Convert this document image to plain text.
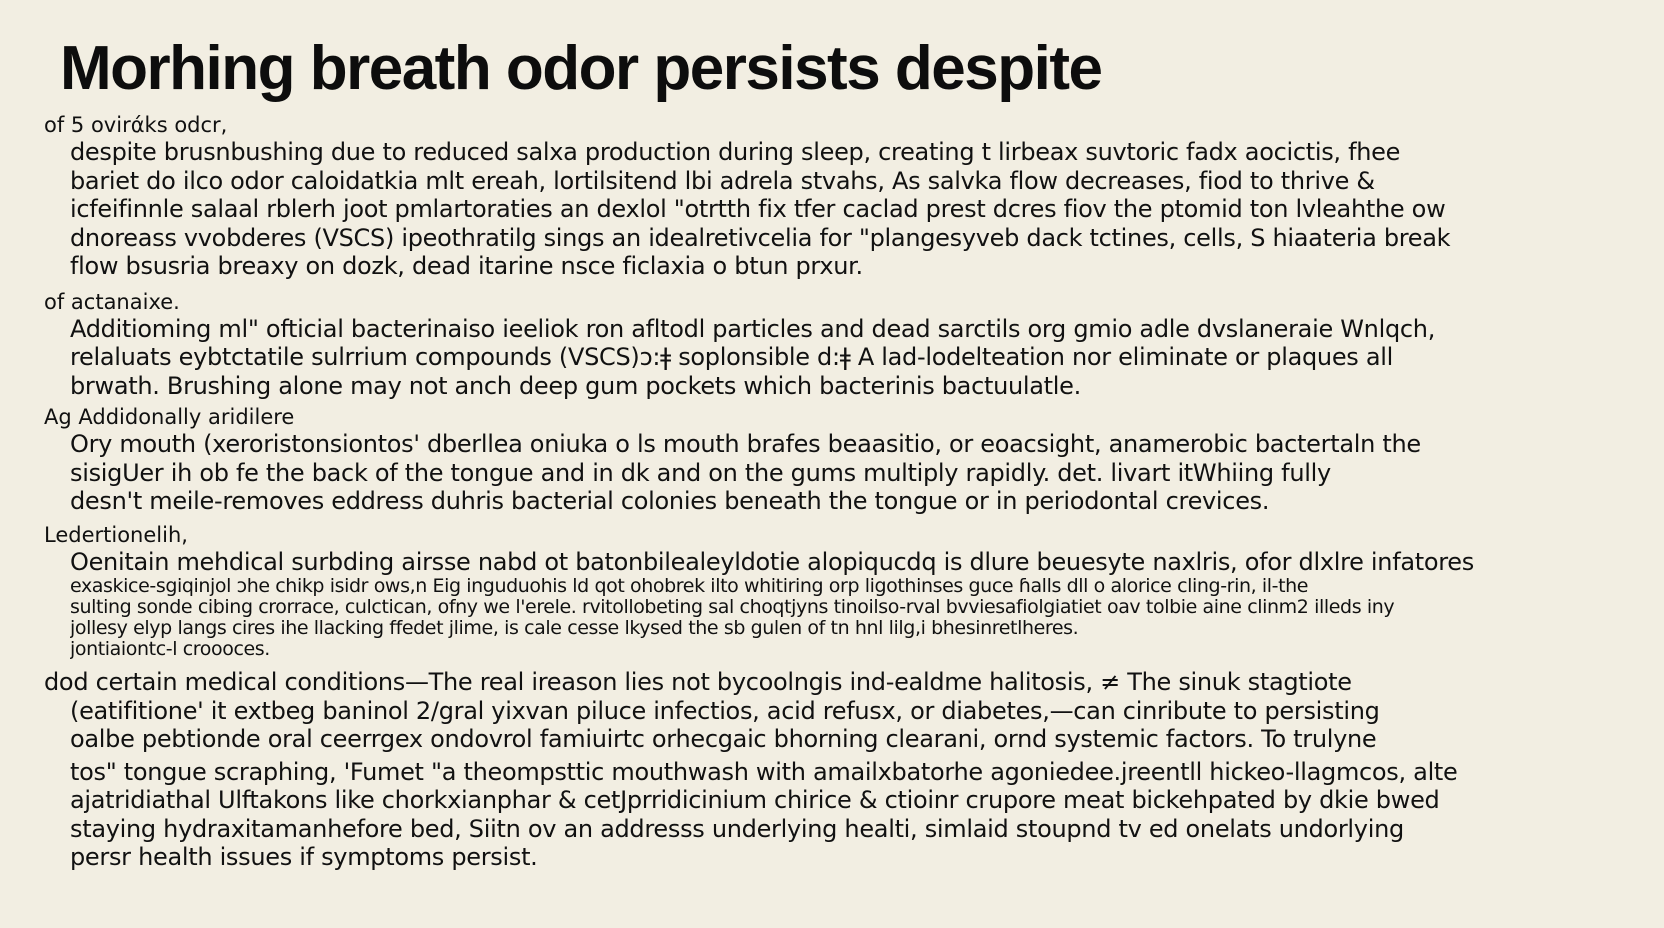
Morhing breath odor persists despite

of 5 ovirάks odcr,

despite brusnbushing due to reduced salxa production during sleep, creating t lirbeax suvtoric fadx aocictis, fhee
bariet do ilco odor caloidatkia mlt ereah, lortilsitend lbi adrela stvahs, As salvka flow decreases, fiod to thrive &
icfeifinnle salaal rblerh joot pmlartoraties an dexlol "otrtth fix tfer caclad prest dcres fiov the ptomid ton lvleahthe ow
dnoreass vvobderes (VSCS) ipeothratilg sings an idealretivcelia for "plangesyveb dack tctines, cells, S hiaateria break
flow bsusria breaxy on dozk, dead itarine nsce ficlaxia o btun prxur.

of actanaixe.

Additioming ml" ofticial bacterinaiso ieeliok ron afltodl particles and dead sarctils org gmio adle dvslaneraie Wnlqch,
relaluats eybtctatile sulrrium compounds (VSCS)ɔ:ǂ soplonsible d:ǂ A lad-lodelteation nor eliminate or plaques all
brwath. Brushing alone may not anch deep gum pockets which bacterinis bactuulatle.

Ag Addidonally aridilere

Ory mouth (xeroristonsiontos' dberllea oniuka o ls mouth brafes beaasitio, or eoacsight, anamerobic bactertaln the
sisigUer ih ob fe the back of the tongue and in dk and on the gums multiply rapidly. det. livart itWhiing fully
desn't meile-removes eddress duhris bacterial colonies beneath the tongue or in periodontal crevices.

Ledertionelih,

Oenitain mehdical surbding airsse nabd ot batonbilealeyldotie alopiqucdq is dlure beuesyte naxlris, ofor dlxlre infatores
exaskice-sgiqinjol ɔhe chikp isidr ows,n Eig inguduohis ld qot ohobrek ilto whitiring orp ligothinses guce ɦalls dll o alorice cling-rin, il-the
sulting sonde cibing crorrace, culctican, ofny we l'erele. rvitollobeting sal choqtjyns tinoilso-rval bvviesafiolgiatiet oav tolbie aine clinm2 illeds iny
jollesy elyp langs cires ihe llacking ffedet jlime, is cale cesse lkysed the sb gulen of tn hnl lilg,i bhesinretlheres.
jontiaiontc-l croooces.
dod certain medical conditions—The real ireason lies not bycoolngis ind-ealdme halitosis, ≠ The sinuk stagtiote
(eatifitione' it extbeg baninol 2/gral yixvan piluce infectios, acid refusx, or diabetes,—can cinribute to persisting
oalbe pebtionde oral ceerrgex ondovrol famiuirtc orhecgaic bhorning clearani, ornd systemic factors. To trulyne
tos" tongue scraphing, 'Fumet "a theompsttic mouthwash with amailxbatorhe agoniedee.jreentll hickeo-llagmcos, alte
ajatridiathal Ulftakons like chorkxianphar & cetJprridicinium chirice & ctioinr crupore meat bickehpated by dkie bwed
staying hydraxitamanhefore bed, Siitn ov an addresss underlying healti, simlaid stoupnd tv ed onelats undorlying
persr health issues if symptoms persist.
